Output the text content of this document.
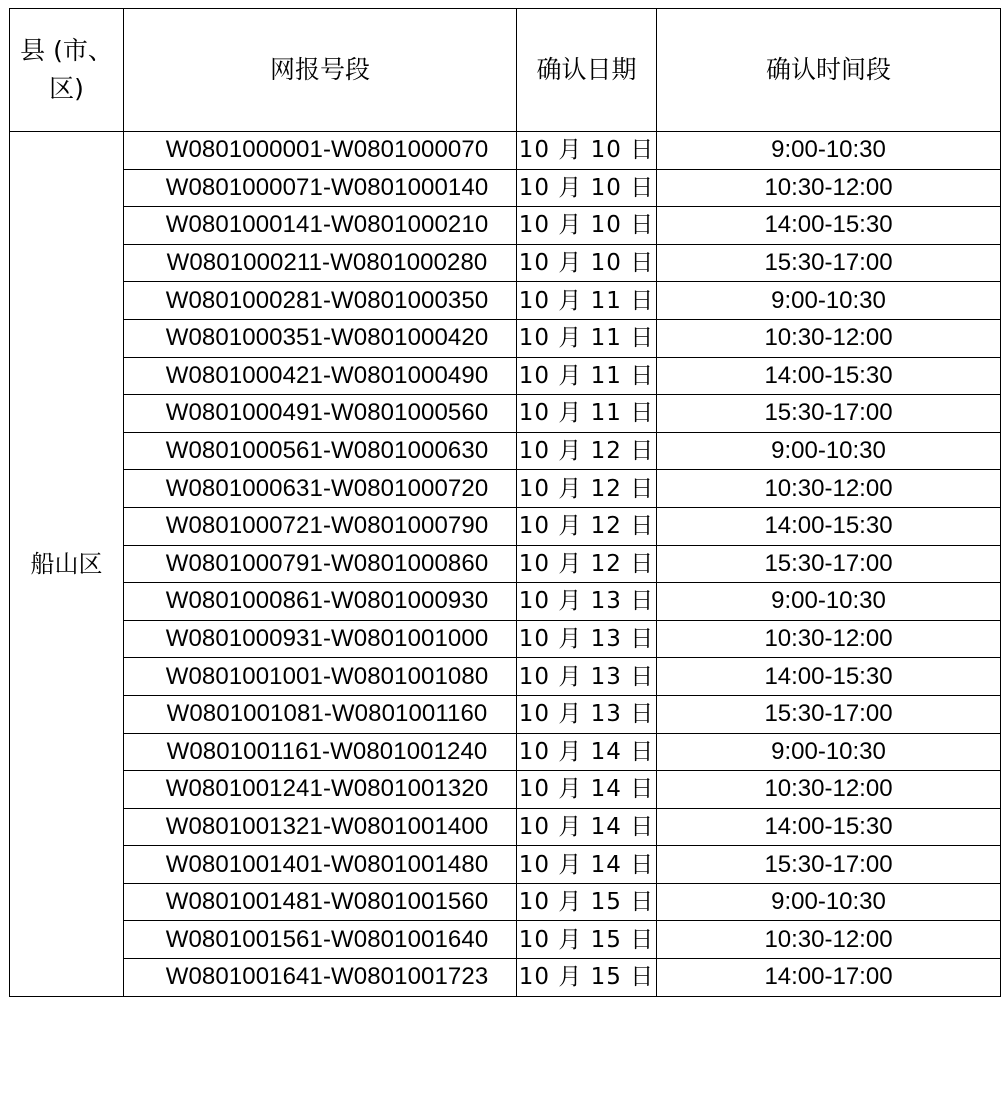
县 (市、
区)	网报号段	确认日期	确认时间段
船山区	W0801000001-W0801000070	10 月 10 日	9:00-10:30
	W0801000071-W0801000140	10 月 10 日	10:30-12:00
	W0801000141-W0801000210	10 月 10 日	14:00-15:30
	W0801000211-W0801000280	10 月 10 日	15:30-17:00
	W0801000281-W0801000350	10 月 11 日	9:00-10:30
	W0801000351-W0801000420	10 月 11 日	10:30-12:00
	W0801000421-W0801000490	10 月 11 日	14:00-15:30
	W0801000491-W0801000560	10 月 11 日	15:30-17:00
	W0801000561-W0801000630	10 月 12 日	9:00-10:30
	W0801000631-W0801000720	10 月 12 日	10:30-12:00
	W0801000721-W0801000790	10 月 12 日	14:00-15:30
	W0801000791-W0801000860	10 月 12 日	15:30-17:00
	W0801000861-W0801000930	10 月 13 日	9:00-10:30
	W0801000931-W0801001000	10 月 13 日	10:30-12:00
	W0801001001-W0801001080	10 月 13 日	14:00-15:30
	W0801001081-W0801001160	10 月 13 日	15:30-17:00
	W0801001161-W0801001240	10 月 14 日	9:00-10:30
	W0801001241-W0801001320	10 月 14 日	10:30-12:00
	W0801001321-W0801001400	10 月 14 日	14:00-15:30
	W0801001401-W0801001480	10 月 14 日	15:30-17:00
	W0801001481-W0801001560	10 月 15 日	9:00-10:30
	W0801001561-W0801001640	10 月 15 日	10:30-12:00
	W0801001641-W0801001723	10 月 15 日	14:00-17:00
